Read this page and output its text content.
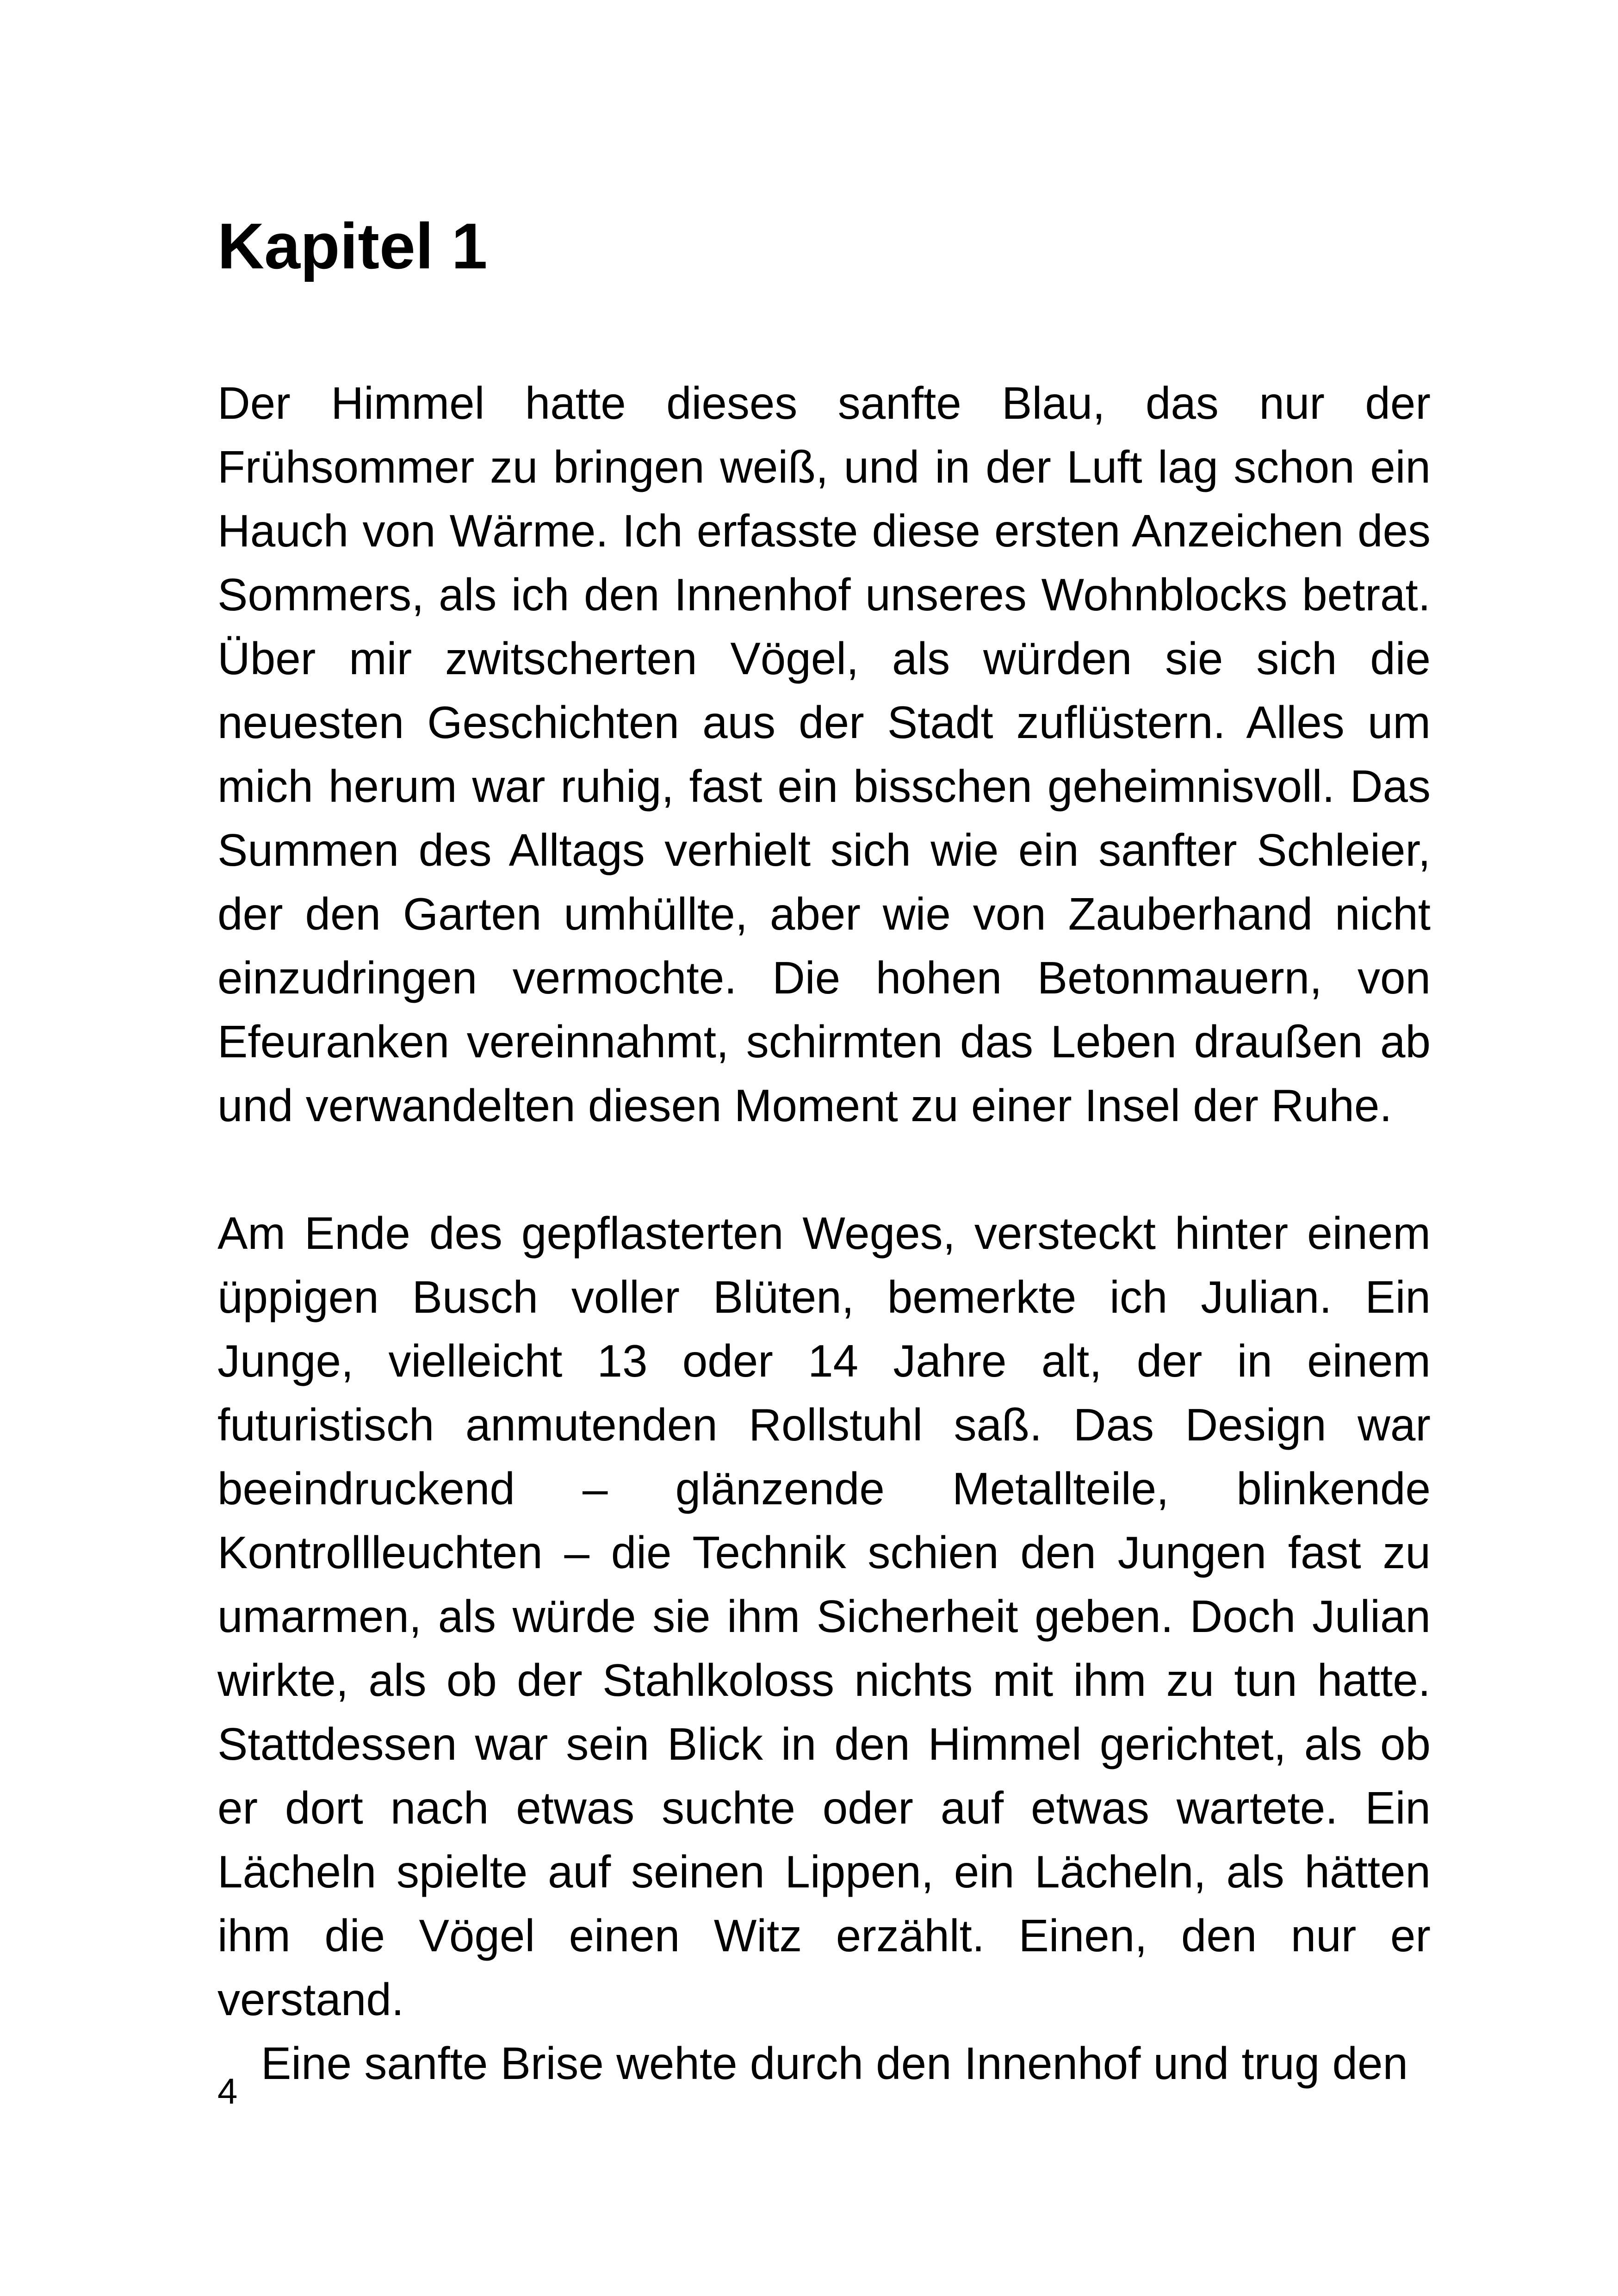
Kapitel 1

Der Himmel hatte dieses sanfte Blau, das nur der Frühsommer zu bringen weiß, und in der Luft lag schon ein Hauch von Wärme. Ich erfasste diese ersten Anzeichen des Sommers, als ich den Innenhof unseres Wohnblocks betrat. Über mir zwitscherten Vögel, als würden sie sich die neuesten Geschichten aus der Stadt zuflüstern. Alles um mich herum war ruhig, fast ein bisschen geheimnisvoll. Das Summen des Alltags verhielt sich wie ein sanfter Schleier, der den Garten umhüllte, aber wie von Zauberhand nicht einzudringen vermochte. Die hohen Betonmauern, von Efeuranken vereinnahmt, schirmten das Leben draußen ab und verwandelten diesen Moment zu einer Insel der Ruhe.

Am Ende des gepflasterten Weges, versteckt hinter einem üppigen Busch voller Blüten, bemerkte ich Julian. Ein Junge, vielleicht 13 oder 14 Jahre alt, der in einem futuristisch anmutenden Rollstuhl saß. Das Design war beeindruckend – glänzende Metallteile, blinkende Kontrollleuchten – die Technik schien den Jungen fast zu umarmen, als würde sie ihm Sicherheit geben. Doch Julian wirkte, als ob der Stahlkoloss nichts mit ihm zu tun hatte. Stattdessen war sein Blick in den Himmel gerichtet, als ob er dort nach etwas suchte oder auf etwas wartete. Ein Lächeln spielte auf seinen Lippen, ein Lächeln, als hätten ihm die Vögel einen Witz erzählt. Einen, den nur er verstand.

Eine sanfte Brise wehte durch den Innenhof und trug den

4
